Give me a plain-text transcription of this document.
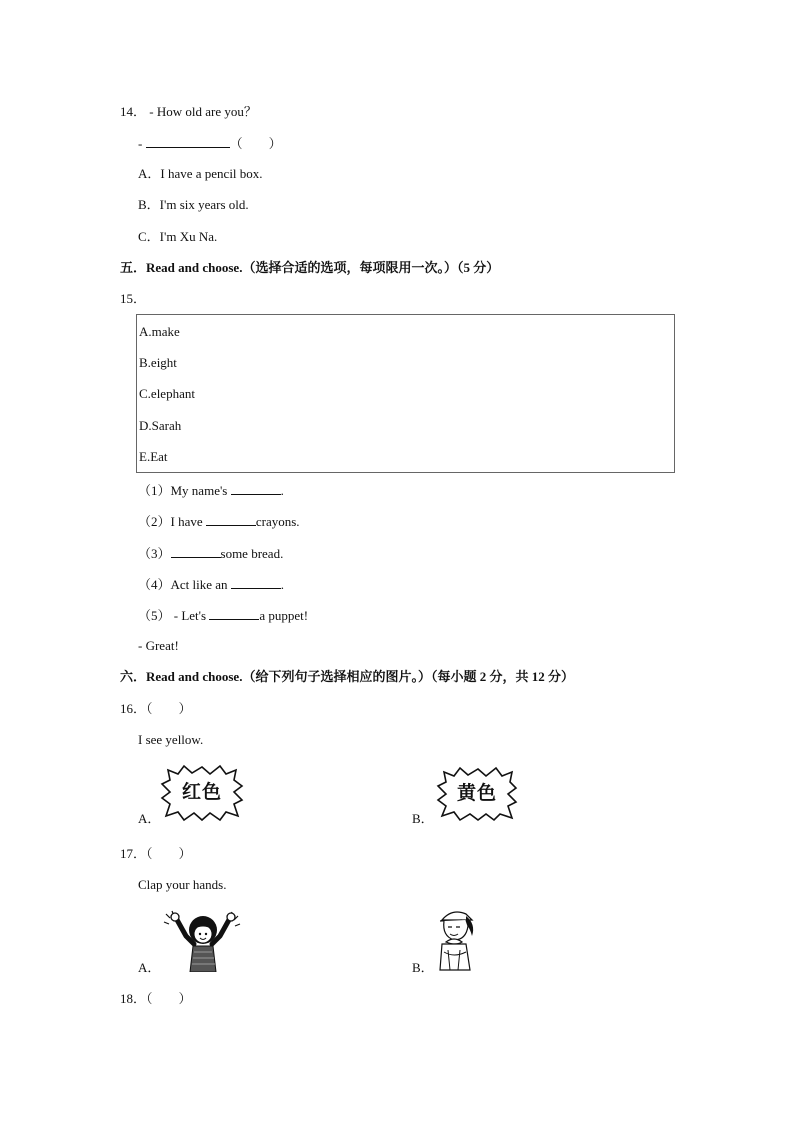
14． - How old are you？
-	（　　）
A．I have a pencil box.
B．I'm six years old.
C．I'm Xu Na.
五．Read and choose.（选择合适的选项，每项限用一次。）（5 分）
15．
A.make
B.eight
C.elephant
D.Sarah
E.Eat
（1）My name's	.
（2）I have	crayons.
（3）	some bread.
（4）Act like an	.
（5） - Let's	a puppet!
- Great!
六．Read and choose.（给下列句子选择相应的图片。）（每小题 2 分，共 12 分）
16．（　　）
I see yellow.
A．
红色
B．
黄色
17．（　　）
Clap your hands.
A．	B．
18．（　　）
